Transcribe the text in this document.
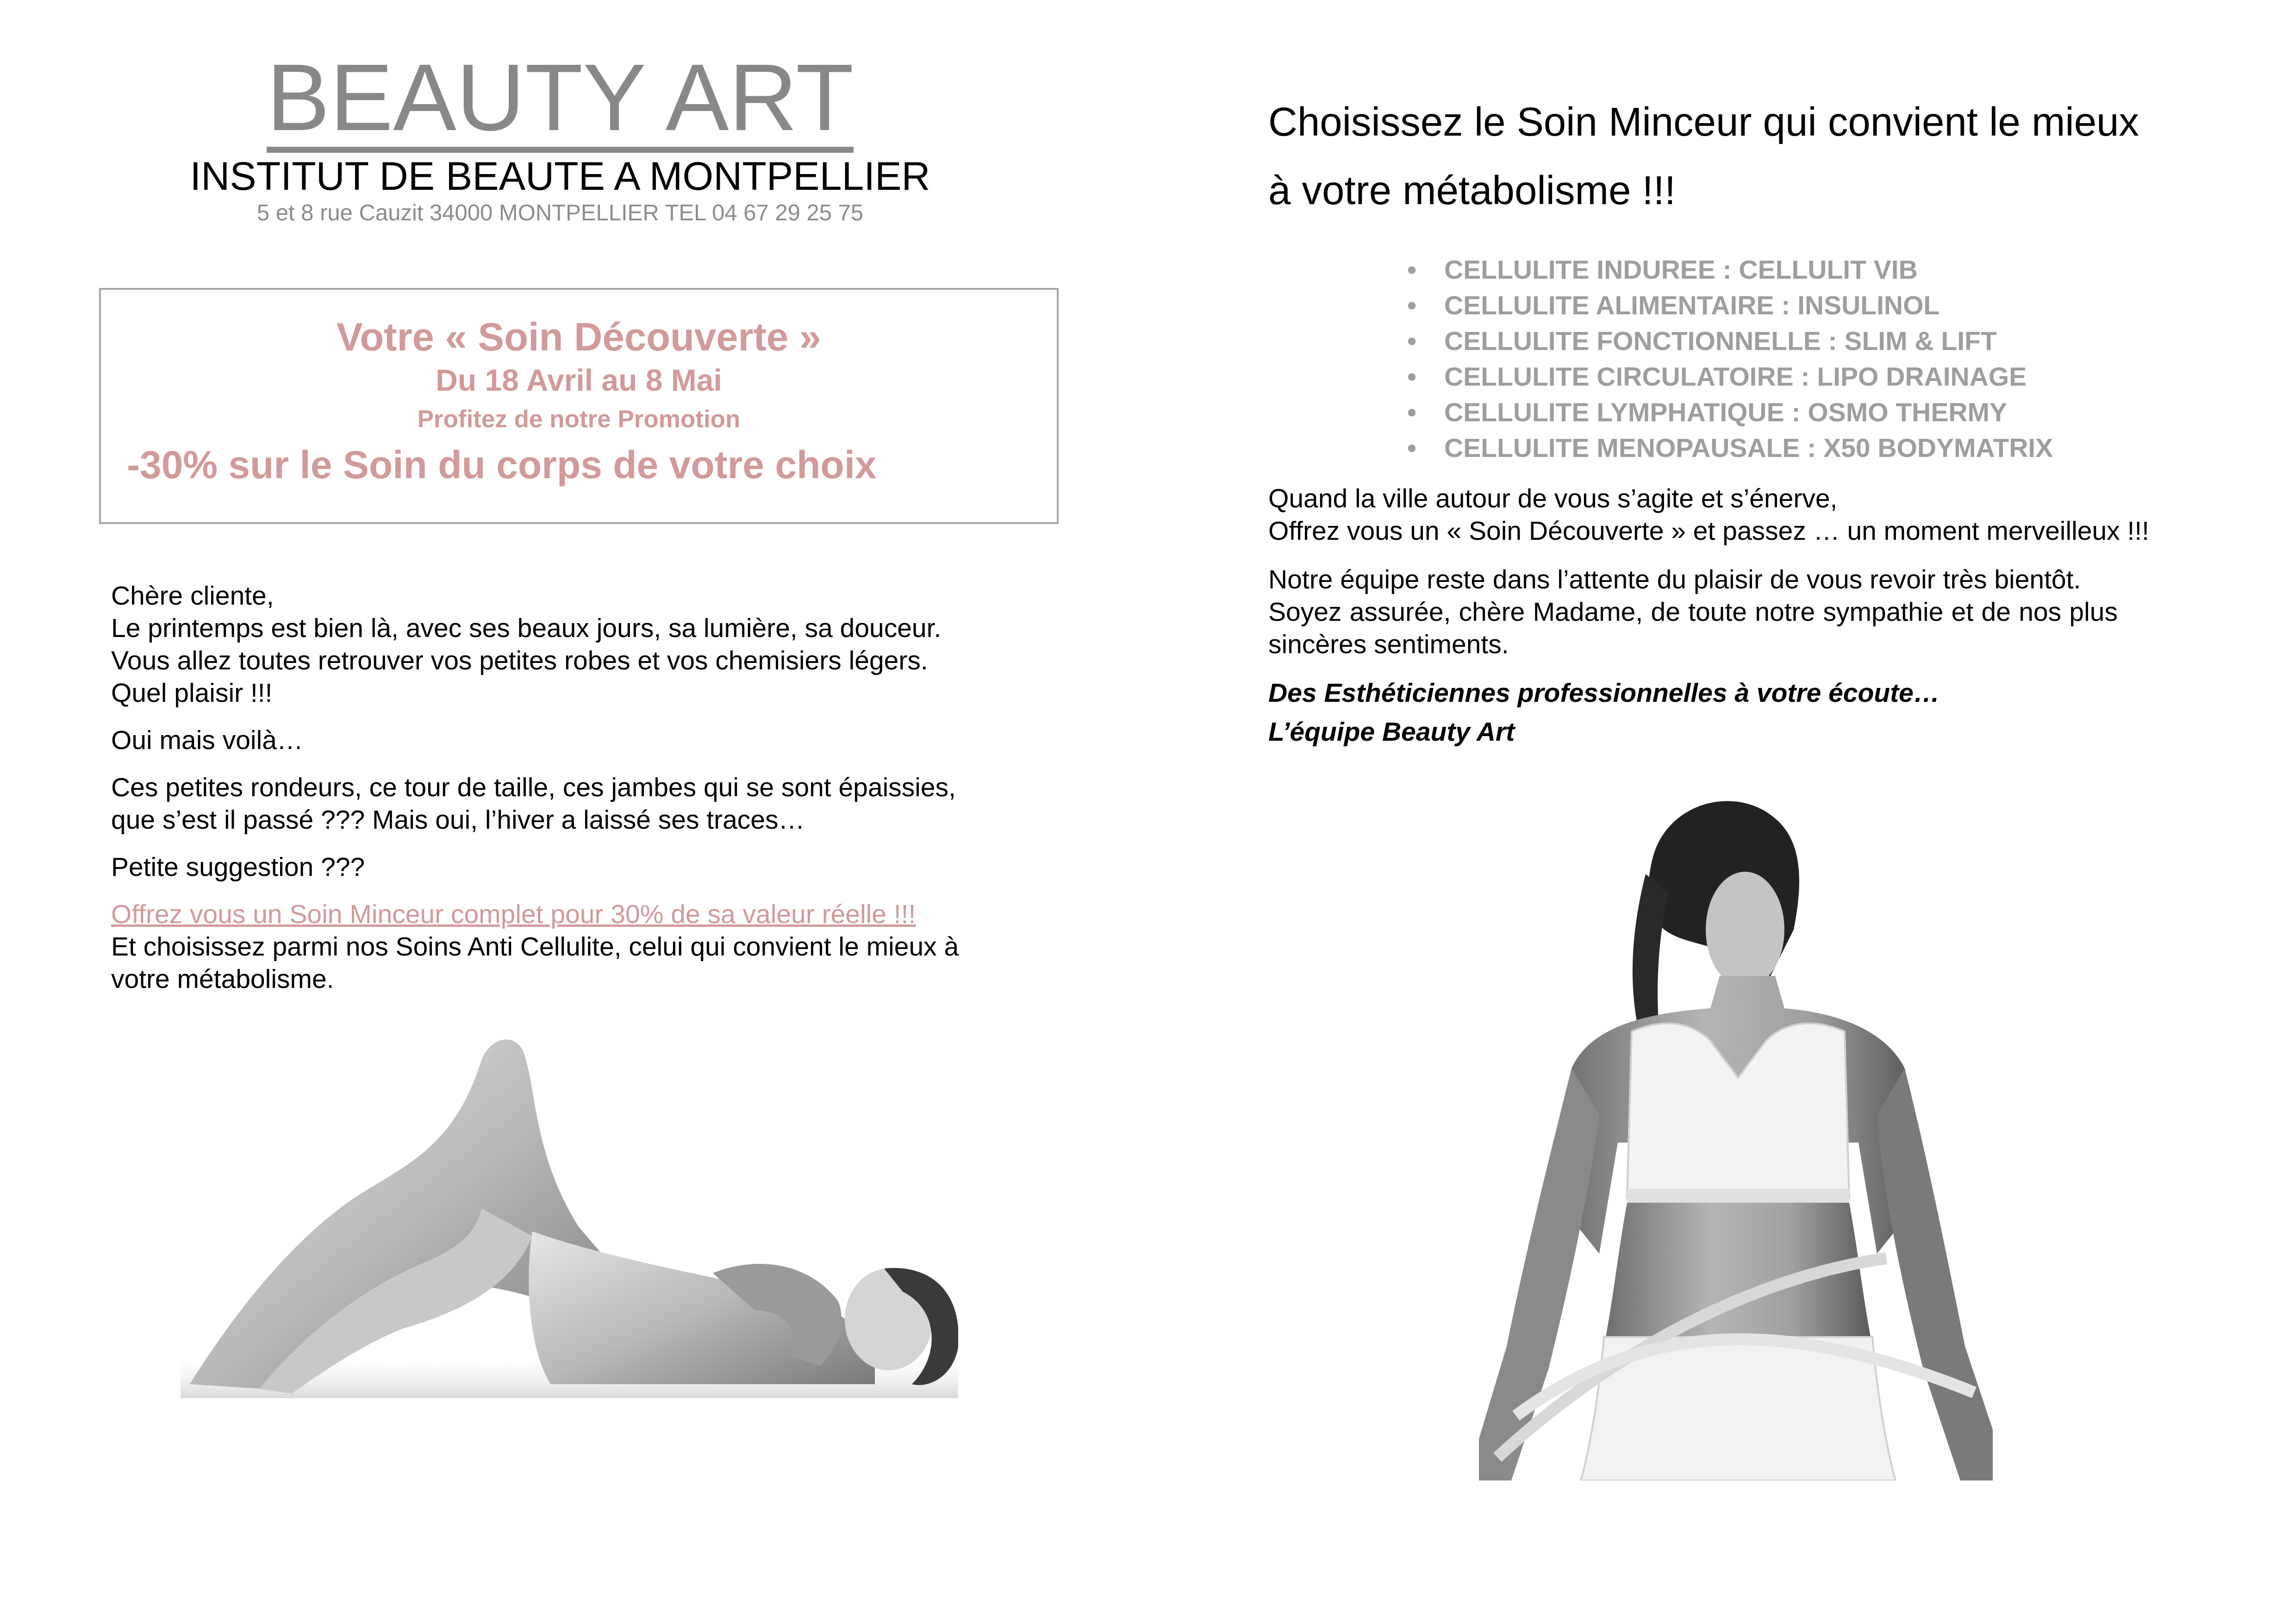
BEAUTY ART
INSTITUT DE BEAUTE A MONTPELLIER
5 et 8 rue Cauzit 34000 MONTPELLIER TEL 04 67 29 25 75
Votre « Soin Découverte »
Du 18 Avril au 8 Mai
Profitez de notre Promotion
-30% sur le Soin du corps de votre choix

Chère cliente,

Le printemps est bien là, avec ses beaux jours, sa lumière, sa douceur.

Vous allez toutes retrouver vos petites robes et vos chemisiers légers.

Quel plaisir !!!

Oui mais voilà…

Ces petites rondeurs, ce tour de taille, ces jambes qui se sont épaissies,

que s’est il passé ??? Mais oui, l’hiver a laissé ses traces…

Petite suggestion ???

Offrez vous un Soin Minceur complet pour 30% de sa valeur réelle !!!

Et choisissez parmi nos Soins Anti Cellulite, celui qui convient le mieux à

votre métabolisme.

Choisissez le Soin Minceur qui convient le mieux
à votre métabolisme !!!
• CELLULITE INDUREE : CELLULIT VIB
• CELLULITE ALIMENTAIRE : INSULINOL
• CELLULITE FONCTIONNELLE : SLIM & LIFT
• CELLULITE CIRCULATOIRE : LIPO DRAINAGE
• CELLULITE LYMPHATIQUE : OSMO THERMY
• CELLULITE MENOPAUSALE : X50 BODYMATRIX

Quand la ville autour de vous s’agite et s’énerve,

Offrez vous un « Soin Découverte » et passez … un moment merveilleux !!!

Notre équipe reste dans l’attente du plaisir de vous revoir très bientôt.

Soyez assurée, chère Madame, de toute notre sympathie et de nos plus sincères sentiments.

Des Esthéticiennes professionnelles à votre écoute…

L’équipe Beauty Art
